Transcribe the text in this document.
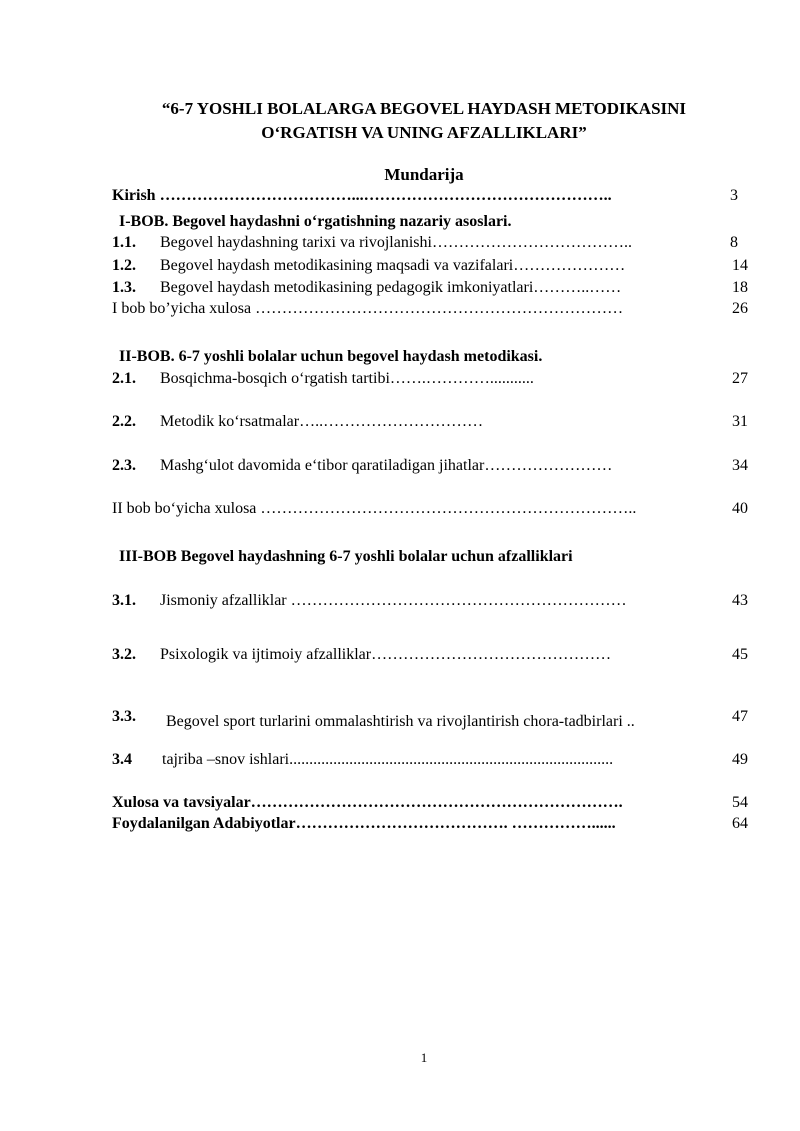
“6-7 YOSHLI BOLALARGA BEGOVEL HAYDASH METODIKASINI
O‘RGATISH VA UNING AFZALLIKLARI”
Mundarija
Kirish ………………………………...………………………………………..	3
I-BOB. Begovel haydashni o‘rgatishning nazariy asoslari.
1.1. Begovel haydashning tarixi va rivojlanishi………………………………..	8
1.2. Begovel haydash metodikasining maqsadi va vazifalari…………………	14
1.3. Begovel haydash metodikasining pedagogik imkoniyatlari………..……	18
I bob bo’yicha xulosa ……………………………………………………………	26
II-BOB. 6-7 yoshli bolalar uchun begovel haydash metodikasi.
2.1. Bosqichma-bosqich o‘rgatish tartibi…….…………...........	27
2.2. Metodik ko‘rsatmalar…..…………………………	31
2.3. Mashg‘ulot davomida e‘tibor qaratiladigan jihatlar……………………	34
II bob bo‘yicha xulosa ……………………………………………………………..	40
III-BOB Begovel haydashning 6-7 yoshli bolalar uchun afzalliklari
3.1. Jismoniy afzalliklar ………………………………………………………	43
3.2. Psixologik va ijtimoiy afzalliklar………………………………………	45
3.3. Begovel sport turlarini ommalashtirish va rivojlantirish chora-tadbirlari ..	47
3.4 tajriba –snov ishlari.................................................................................	49
Xulosa va tavsiyalar…………………………………………………………….	54
Foydalanilgan Adabiyotlar…………………………………. ……………......	64
1
